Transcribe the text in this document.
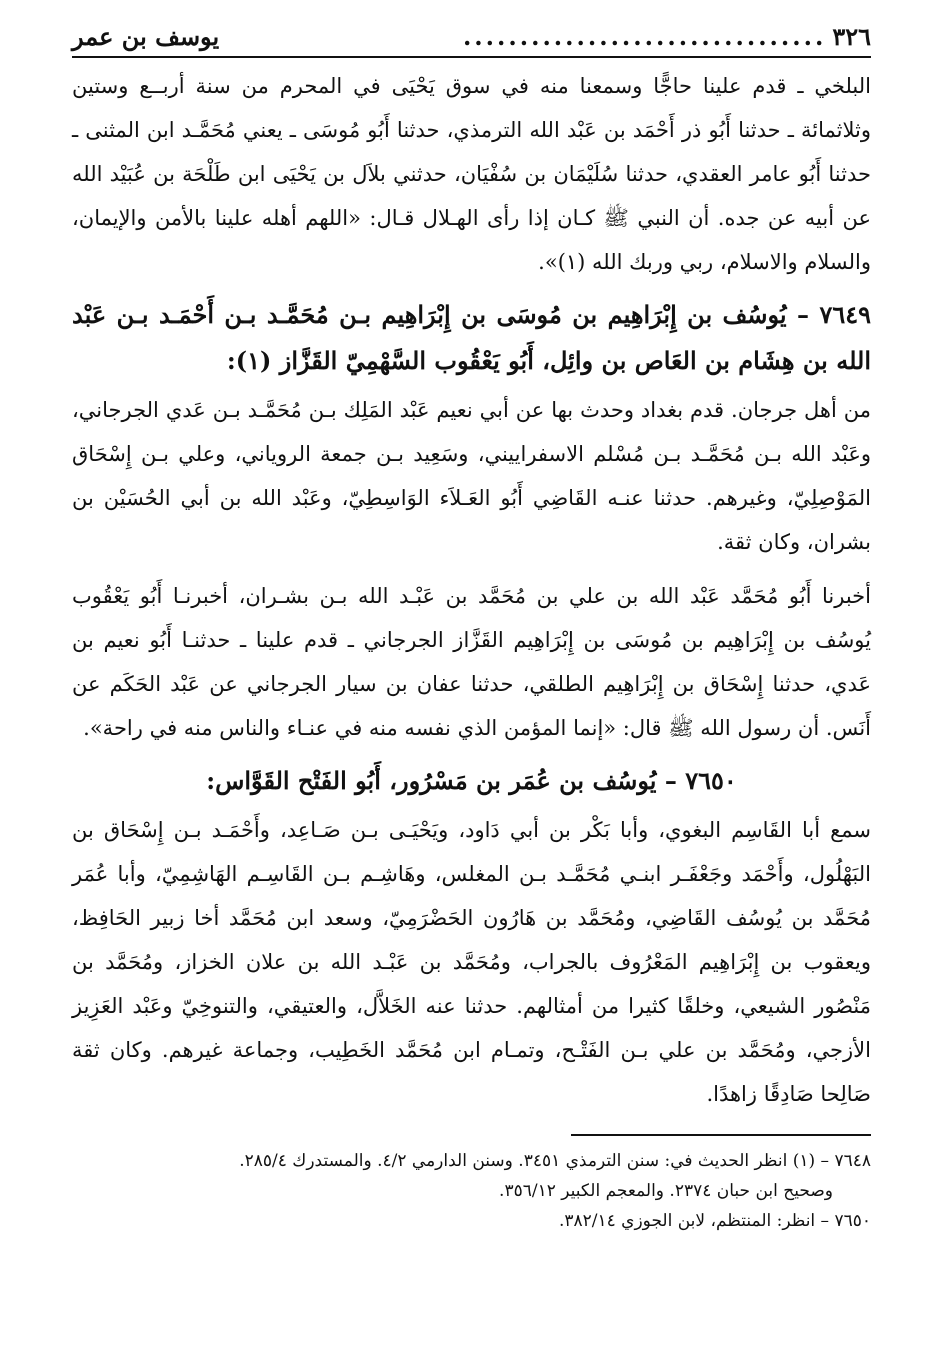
٣٢٦
................................
يوسف بن عمر

البلخي ـ قدم علينا حاجًّا وسمعنا منه في سوق يَحْيَى في المحرم من سنة أربــع وستين وثلاثمائة ـ حدثنا أَبُو ذر أَحْمَد بن عَبْد الله الترمذي، حدثنا أَبُو مُوسَى ـ يعني مُحَمَّـد ابن المثنى ـ حدثنا أَبُو عامر العقدي، حدثنا سُلَيْمَان بن سُفْيَان، حدثني بلاَل بن يَحْيَى ابن طَلْحَة بن عُبَيْد الله عن أبيه عن جده. أن النبي ﷺ كـان إذا رأى الهـلال قـال: «اللهم أهله علينا بالأمن والإيمان، والسلام والاسلام، ربي وربك الله (١)».

٧٦٤٩ – يُوسُف بن إِبْرَاهِيم بن مُوسَى بن إِبْرَاهِيم بـن مُحَمَّـد بـن أَحْمَـد بـن عَبْد الله بن هِشَام بن العَاص بن وائِل، أَبُو يَعْقُوب السَّهْمِيّ القَزَّاز (١):

من أهل جرجان. قدم بغداد وحدث بها عن أبي نعيم عَبْد المَلِك بـن مُحَمَّـد بـن عَدي الجرجاني، وعَبْد الله بـن مُحَمَّـد بـن مُسْلم الاسفراييني، وسَعِيد بـن جمعة الروياني، وعلي بـن إِسْحَاق المَوْصِلِيّ، وغيرهم. حدثنا عنـه القَاضِي أَبُو العَـلاَء الوَاسِطِيّ، وعَبْد الله بن أبي الحُسَيْن بن بشران، وكان ثقة.

أخبرنا أَبُو مُحَمَّد عَبْد الله بن علي بن مُحَمَّد بن عَبْـد الله بـن بشـران، أخبرنـا أَبُو يَعْقُوب يُوسُف بن إِبْرَاهِيم بن مُوسَى بن إِبْرَاهِيم القَزَّاز الجرجاني ـ قدم علينا ـ حدثنـا أَبُو نعيم بن عَدي، حدثنا إِسْحَاق بن إِبْرَاهِيم الطلقي، حدثنا عفان بن سيار الجرجاني عن عَبْد الحَكَم عن أَنَس. أن رسول الله ﷺ قال: «إنما المؤمن الذي نفسه منه في عنـاء والناس منه في راحة».

٧٦٥٠ – يُوسُف بن عُمَر بن مَسْرُور، أَبُو الفَتْح القَوَّاس:

سمع أبا القَاسِم البغوي، وأبا بَكْر بن أبي دَاود، ويَحْيَـى بـن صَـاعِد، وأَحْمَـد بـن إِسْحَاق بن البَهْلُول، وأَحْمَد وجَعْفَـر ابنـي مُحَمَّـد بـن المغلس، وهَاشِـم بـن القَاسِـم الهَاشِمِيّ، وأبا عُمَر مُحَمَّد بن يُوسُف القَاضِي، ومُحَمَّد بن هَارُون الحَضْرَمِيّ، وسعد ابن مُحَمَّد أخا زبير الحَافِظ، ويعقوب بن إِبْرَاهِيم المَعْرُوف بالجراب، ومُحَمَّد بن عَبْـد الله بن علان الخزاز، ومُحَمَّد بن مَنْصُور الشيعي، وخلقًا كثيرا من أمثالهم. حدثنا عنه الخَلاَّل، والعتيقي، والتنوخِيّ وعَبْد العَزِيز الأزجي، ومُحَمَّد بن علي بـن الفَتْـح، وتمـام ابن مُحَمَّد الخَطِيب، وجماعة غيرهم. وكان ثقة صَالِحا صَادِقًا زاهدًا.

٧٦٤٨ – (١) انظر الحديث في: سنن الترمذي ٣٤٥١. وسنن الدارمي ٤/٢. والمستدرك ٢٨٥/٤.

وصحيح ابن حبان ٢٣٧٤. والمعجم الكبير ٣٥٦/١٢.

٧٦٥٠ – انظر: المنتظم، لابن الجوزي ٣٨٢/١٤.
